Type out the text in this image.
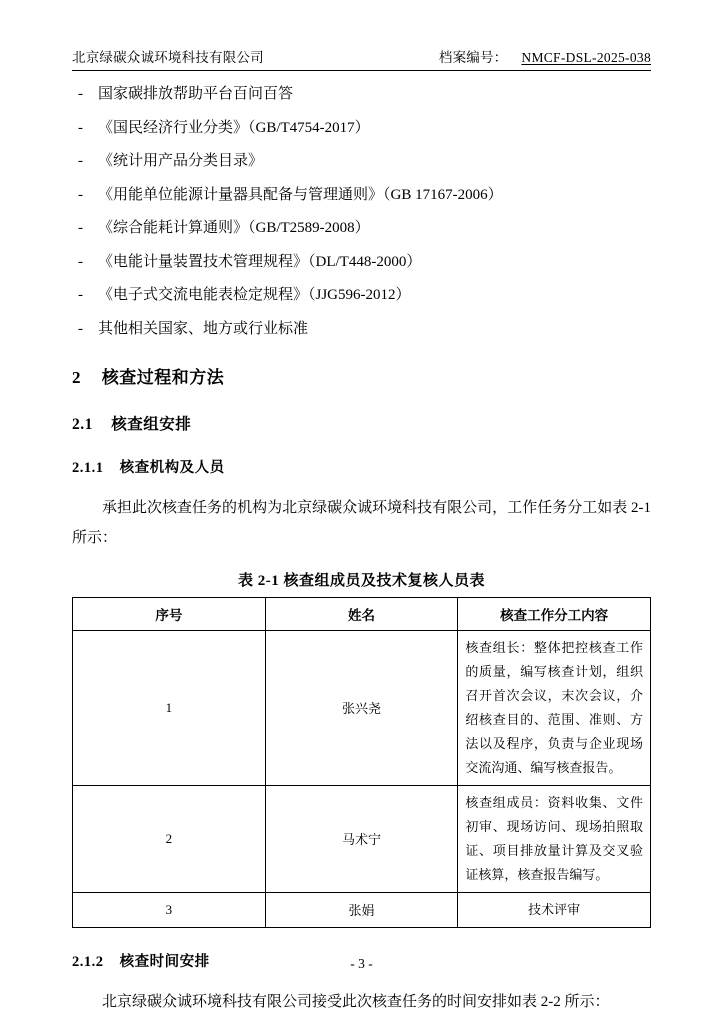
北京绿碳众诚环境科技有限公司	档案编号： NMCF-DSL-2025-038
-	国家碳排放帮助平台百问百答
-	《国民经济行业分类》（GB/T4754-2017）
-	《统计用产品分类目录》
-	《用能单位能源计量器具配备与管理通则》（GB 17167-2006）
-	《综合能耗计算通则》（GB/T2589-2008）
-	《电能计量装置技术管理规程》（DL/T448-2000）
-	《电子式交流电能表检定规程》（JJG596-2012）
-	其他相关国家、地方或行业标准
2 核查过程和方法
2.1 核查组安排
2.1.1 核查机构及人员

承担此次核查任务的机构为北京绿碳众诚环境科技有限公司，工作任务分工如表 2-1 所示：

表 2-1 核查组成员及技术复核人员表
序号	姓名	核查工作分工内容
1	张兴尧	核查组长：整体把控核查工作的质量，编写核查计划，组织召开首次会议，末次会议，介绍核查目的、范围、准则、方法以及程序，负责与企业现场交流沟通、编写核查报告。
2	马术宁	核查组成员：资料收集、文件初审、现场访问、现场拍照取证、项目排放量计算及交叉验证核算，核查报告编写。
3	张娟	技术评审
2.1.2 核查时间安排

北京绿碳众诚环境科技有限公司接受此次核查任务的时间安排如表 2-2 所示：

- 3 -
